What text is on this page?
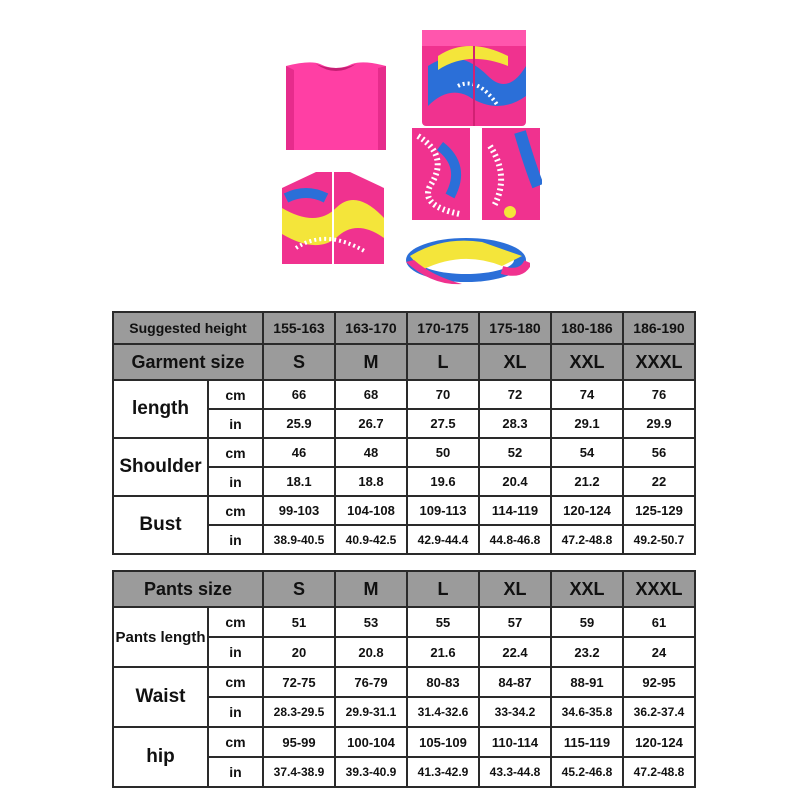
Suggested height		155-163	163-170	170-175	175-180	180-186	186-190
Garment size		S	M	L	XL	XXL	XXXL
length	cm	66	68	70	72	74	76
	in	25.9	26.7	27.5	28.3	29.1	29.9
Shoulder	cm	46	48	50	52	54	56
	in	18.1	18.8	19.6	20.4	21.2	22
Bust	cm	99-103	104-108	109-113	114-119	120-124	125-129
	in	38.9-40.5	40.9-42.5	42.9-44.4	44.8-46.8	47.2-48.8	49.2-50.7
Pants size		S	M	L	XL	XXL	XXXL
Pants length	cm	51	53	55	57	59	61
	in	20	20.8	21.6	22.4	23.2	24
Waist	cm	72-75	76-79	80-83	84-87	88-91	92-95
	in	28.3-29.5	29.9-31.1	31.4-32.6	33-34.2	34.6-35.8	36.2-37.4
hip	cm	95-99	100-104	105-109	110-114	115-119	120-124
	in	37.4-38.9	39.3-40.9	41.3-42.9	43.3-44.8	45.2-46.8	47.2-48.8
